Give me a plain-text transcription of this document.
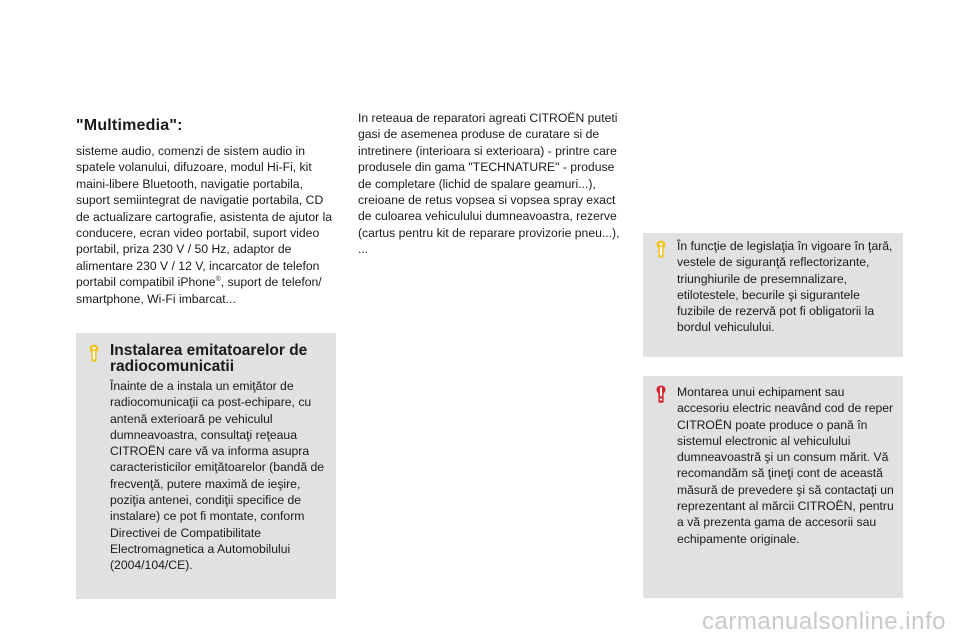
"Multimedia":

sisteme audio, comenzi de sistem audio in spatele volanului, difuzoare, modul Hi-Fi, kit maini-libere Bluetooth, navigatie portabila, suport semiintegrat de navigatie portabila, CD de actualizare cartografie, asistenta de ajutor la conducere, ecran video portabil, suport video portabil, priza 230 V / 50 Hz, adaptor de alimentare 230 V / 12 V, incarcator de telefon portabil compatibil iPhone®, suport de telefon/ smartphone, Wi-Fi imbarcat...

In reteaua de reparatori agreati CITROËN puteti gasi de asemenea produse de curatare si de intretinere (interioara si exterioara) - printre care produsele din gama "TECHNATURE" - produse de completare (lichid de spalare geamuri...), creioane de retus vopsea si vopsea spray exact de culoarea vehiculului dumneavoastra, rezerve (cartus pentru kit de reparare provizorie pneu...), ...

Instalarea emitatoarelor de radiocomunicatii

Înainte de a instala un emiţător de radiocomunicaţii ca post-echipare, cu antenă exterioară pe vehiculul dumneavoastra, consultaţi reţeaua CITROËN care vă va informa asupra caracteristicilor emiţătoarelor (bandă de frecvenţă, putere maximă de ieşire, poziţia antenei, condiţii specifice de instalare) ce pot fi montate, conform Directivei de Compatibilitate Electromagnetica a Automobilului (2004/104/CE).

În funcţie de legislaţia în vigoare în ţară, vestele de siguranţă reflectorizante, triunghiurile de presemnalizare, etilotestele, becurile şi sigurantele fuzibile de rezervă pot fi obligatorii la bordul vehiculului.

Montarea unui echipament sau accesoriu electric neavând cod de reper CITROËN poate produce o pană în sistemul electronic al vehiculului dumneavoastră şi un consum mărit. Vă recomandăm să ţineţi cont de această măsură de prevedere şi să contactaţi un reprezentant al mărcii CITROËN, pentru a vă prezenta gama de accesorii sau echipamente originale.

carmanualsonline.info
